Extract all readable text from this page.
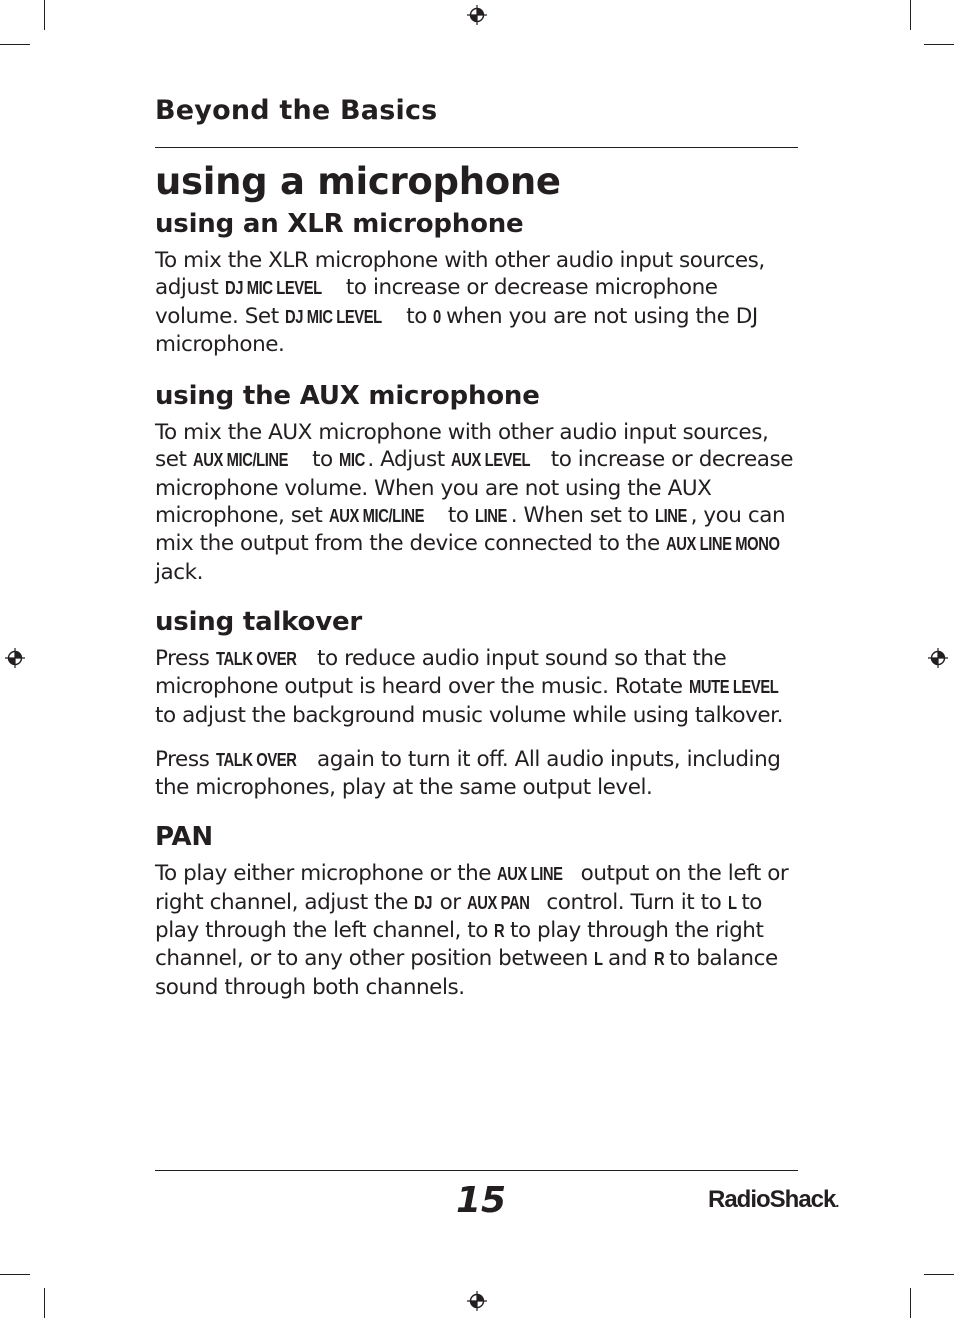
Beyond the Basics
using a microphone
using an XLR microphone

To mix the XLR microphone with other audio input sources,

adjust DJ MIC LEVEL to increase or decrease microphone

volume. Set DJ MIC LEVEL to 0 when you are not using the DJ

microphone.

using the AUX microphone

To mix the AUX microphone with other audio input sources,

set AUX MIC/LINE to MIC . Adjust AUX LEVEL to increase or decrease

microphone volume. When you are not using the AUX

microphone, set AUX MIC/LINE to LINE . When set to LINE , you can

mix the output from the device connected to the AUX LINE MONO

jack.

using talkover

Press TALK OVER to reduce audio input sound so that the

microphone output is heard over the music. Rotate MUTE LEVEL

to adjust the background music volume while using talkover.

Press TALK OVER again to turn it off. All audio inputs, including

the microphones, play at the same output level.

PAN

To play either microphone or the AUX LINE output on the left or

right channel, adjust the DJ or AUX PAN control. Turn it to L to

play through the left channel, to R to play through the right

channel, or to any other position between L and R to balance

sound through both channels.

15	RadioShack.
